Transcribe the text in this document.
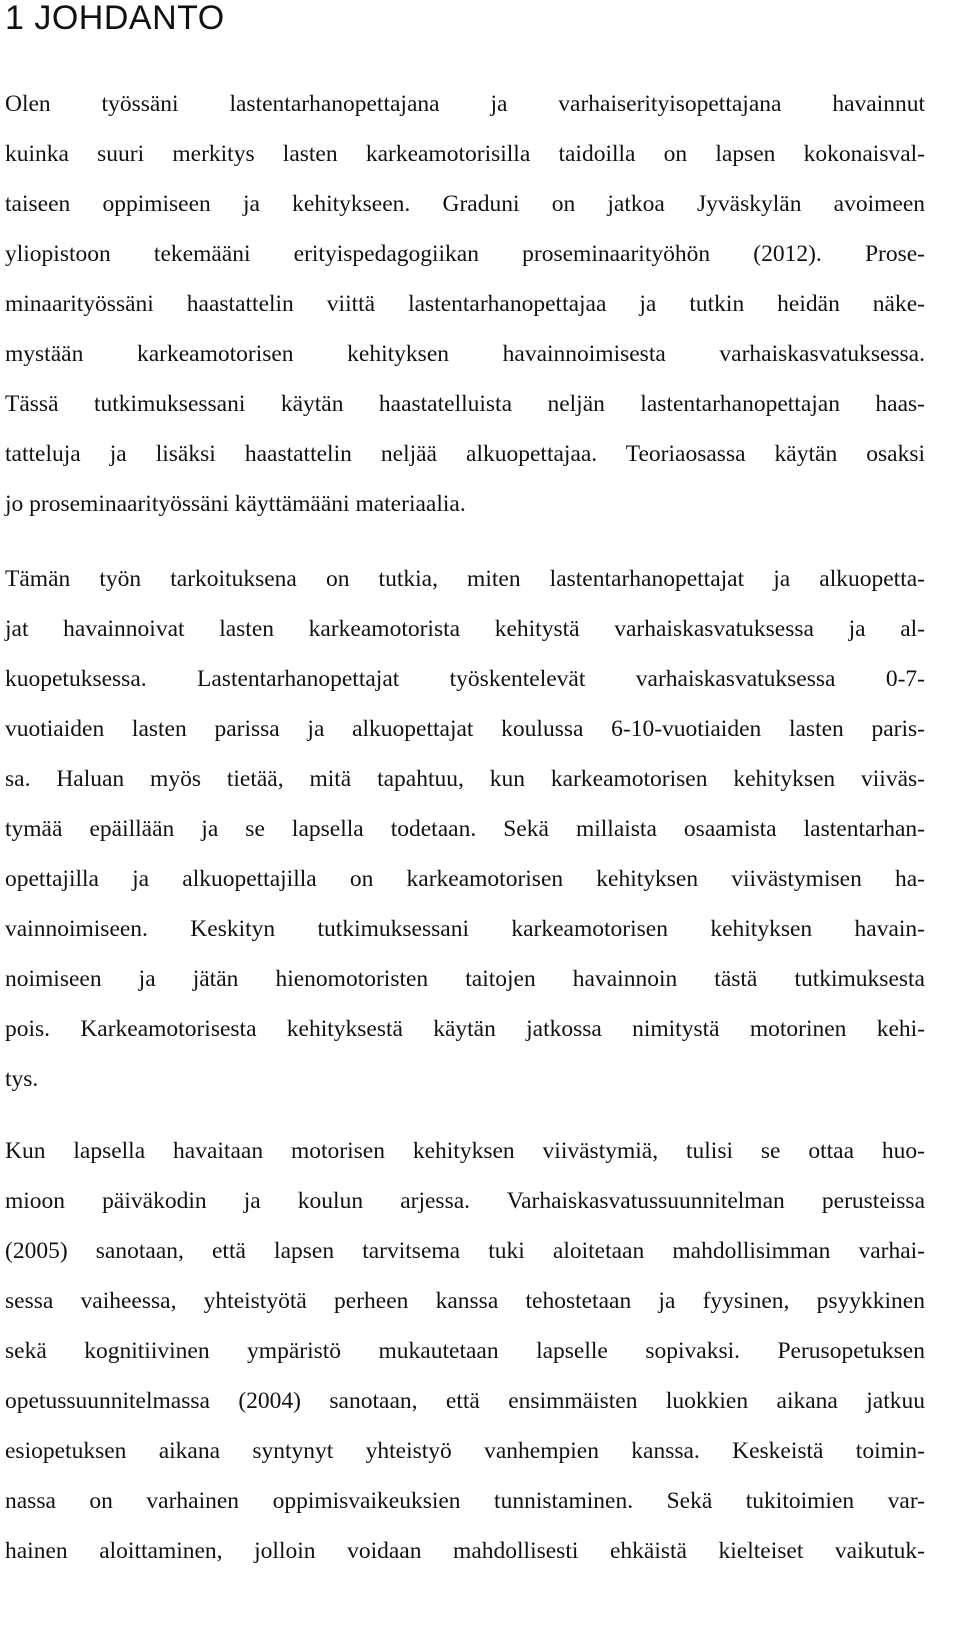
1 JOHDANTO
Olen työssäni lastentarhanopettajana ja varhaiserityisopettajana havainnut
kuinka suuri merkitys lasten karkeamotorisilla taidoilla on lapsen kokonaisval-
taiseen oppimiseen ja kehitykseen. Graduni on jatkoa Jyväskylän avoimeen
yliopistoon tekemääni erityispedagogiikan proseminaarityöhön (2012). Prose-
minaarityössäni haastattelin viittä lastentarhanopettajaa ja tutkin heidän näke-
mystään karkeamotorisen kehityksen havainnoimisesta varhaiskasvatuksessa.
Tässä tutkimuksessani käytän haastatelluista neljän lastentarhanopettajan haas-
tatteluja ja lisäksi haastattelin neljää alkuopettajaa. Teoriaosassa käytän osaksi
jo proseminaarityössäni käyttämääni materiaalia.
Tämän työn tarkoituksena on tutkia, miten lastentarhanopettajat ja alkuopetta-
jat havainnoivat lasten karkeamotorista kehitystä varhaiskasvatuksessa ja al-
kuopetuksessa. Lastentarhanopettajat työskentelevät varhaiskasvatuksessa 0-7-
vuotiaiden lasten parissa ja alkuopettajat koulussa 6-10-vuotiaiden lasten paris-
sa. Haluan myös tietää, mitä tapahtuu, kun karkeamotorisen kehityksen viiväs-
tymää epäillään ja se lapsella todetaan. Sekä millaista osaamista lastentarhan-
opettajilla ja alkuopettajilla on karkeamotorisen kehityksen viivästymisen ha-
vainnoimiseen. Keskityn tutkimuksessani karkeamotorisen kehityksen havain-
noimiseen ja jätän hienomotoristen taitojen havainnoin tästä tutkimuksesta
pois. Karkeamotorisesta kehityksestä käytän jatkossa nimitystä motorinen kehi-
tys.
Kun lapsella havaitaan motorisen kehityksen viivästymiä, tulisi se ottaa huo-
mioon päiväkodin ja koulun arjessa. Varhaiskasvatussuunnitelman perusteissa
(2005) sanotaan, että lapsen tarvitsema tuki aloitetaan mahdollisimman varhai-
sessa vaiheessa, yhteistyötä perheen kanssa tehostetaan ja fyysinen, psyykkinen
sekä kognitiivinen ympäristö mukautetaan lapselle sopivaksi. Perusopetuksen
opetussuunnitelmassa (2004) sanotaan, että ensimmäisten luokkien aikana jatkuu
esiopetuksen aikana syntynyt yhteistyö vanhempien kanssa. Keskeistä toimin-
nassa on varhainen oppimisvaikeuksien tunnistaminen. Sekä tukitoimien var-
hainen aloittaminen, jolloin voidaan mahdollisesti ehkäistä kielteiset vaikutuk-
